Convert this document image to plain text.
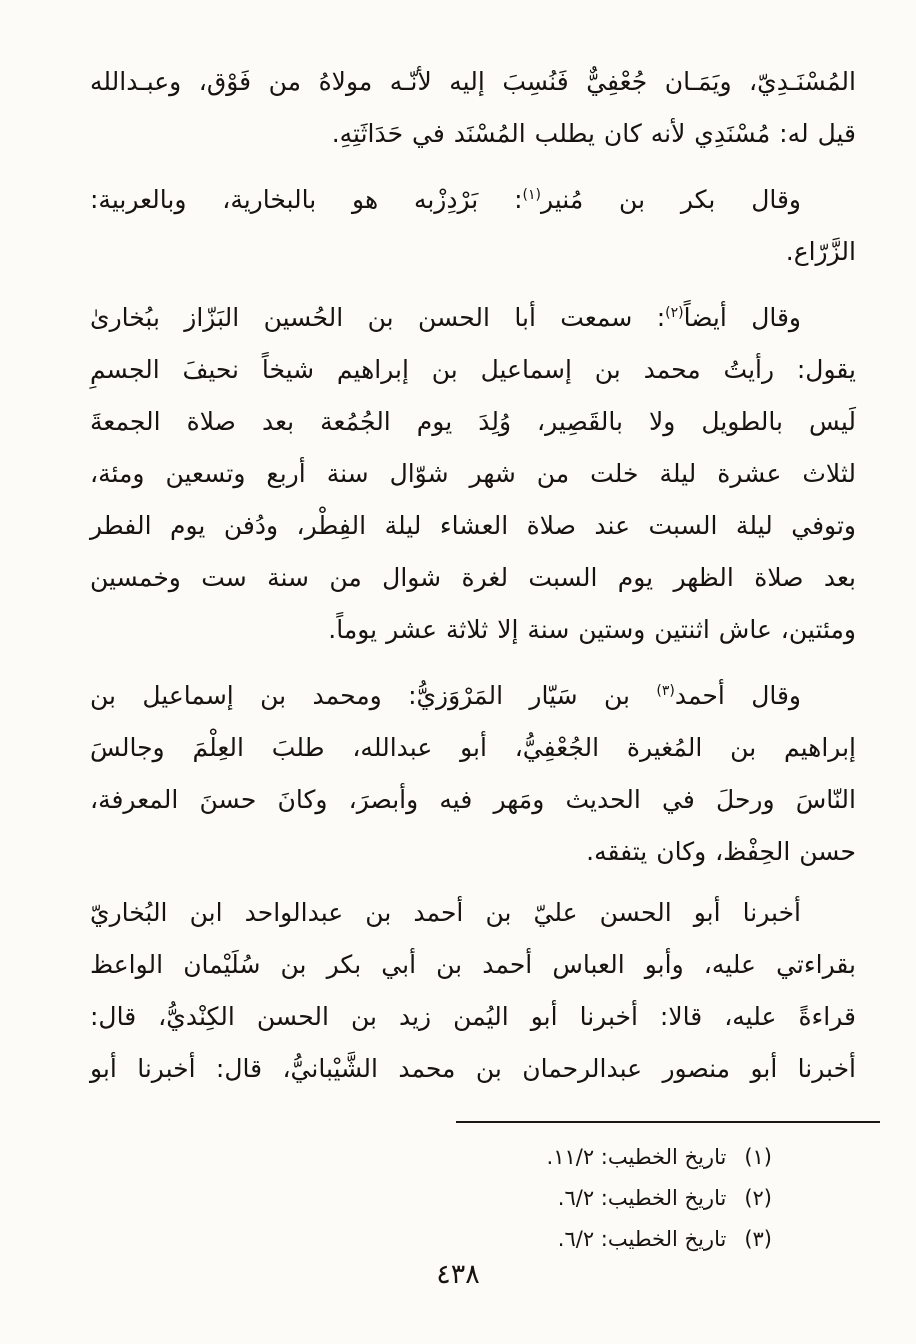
المُسْنَـدِيّ، ويَمَـان جُعْفِيٌّ فَنُسِبَ إليه لأنّـه مولاهُ من فَوْق، وعبـدالله
قيل له: مُسْنَدِي لأنه كان يطلب المُسْنَد في حَدَاثَتِهِ.
وقال بكر بن مُنير$^{(١)}$: بَرْدِزْبه هو بالبخارية، وبالعربية:
الزَّرّاع.
وقال أيضاً$^{(٢)}$: سمعت أبا الحسن بن الحُسين البَزّاز ببُخارىٰ
يقول: رأيتُ محمد بن إسماعيل بن إبراهيم شيخاً نحيفَ الجسمِ
لَيس بالطويل ولا بالقَصِير، وُلِدَ يوم الجُمُعة بعد صلاة الجمعةَ
لثلاث عشرة ليلة خلت من شهر شوّال سنة أربع وتسعين ومئة،
وتوفي ليلة السبت عند صلاة العشاء ليلة الفِطْر، ودُفن يوم الفطر
بعد صلاة الظهر يوم السبت لغرة شوال من سنة ست وخمسين
ومئتين، عاش اثنتين وستين سنة إلا ثلاثة عشر يوماً.
وقال أحمد$^{(٣)}$ بن سَيّار المَرْوَزيُّ: ومحمد بن إسماعيل بن
إبراهيم بن المُغيرة الجُعْفِيُّ، أبو عبدالله، طلبَ العِلْمَ وجالسَ
النّاسَ ورحلَ في الحديث ومَهر فيه وأبصرَ، وكانَ حسنَ المعرفة،
حسن الحِفْظ، وكان يتفقه.
أخبرنا أبو الحسن عليّ بن أحمد بن عبدالواحد ابن البُخاريّ
بقراءتي عليه، وأبو العباس أحمد بن أبي بكر بن سُلَيْمان الواعظ
قراءةً عليه، قالا: أخبرنا أبو اليُمن زيد بن الحسن الكِنْديُّ، قال:
أخبرنا أبو منصور عبدالرحمان بن محمد الشَّيْبانيُّ، قال: أخبرنا أبو
(١)تاريخ الخطيب: ١١/٢.
(٢)تاريخ الخطيب: ٦/٢.
(٣)تاريخ الخطيب: ٦/٢.
٤٣٨
